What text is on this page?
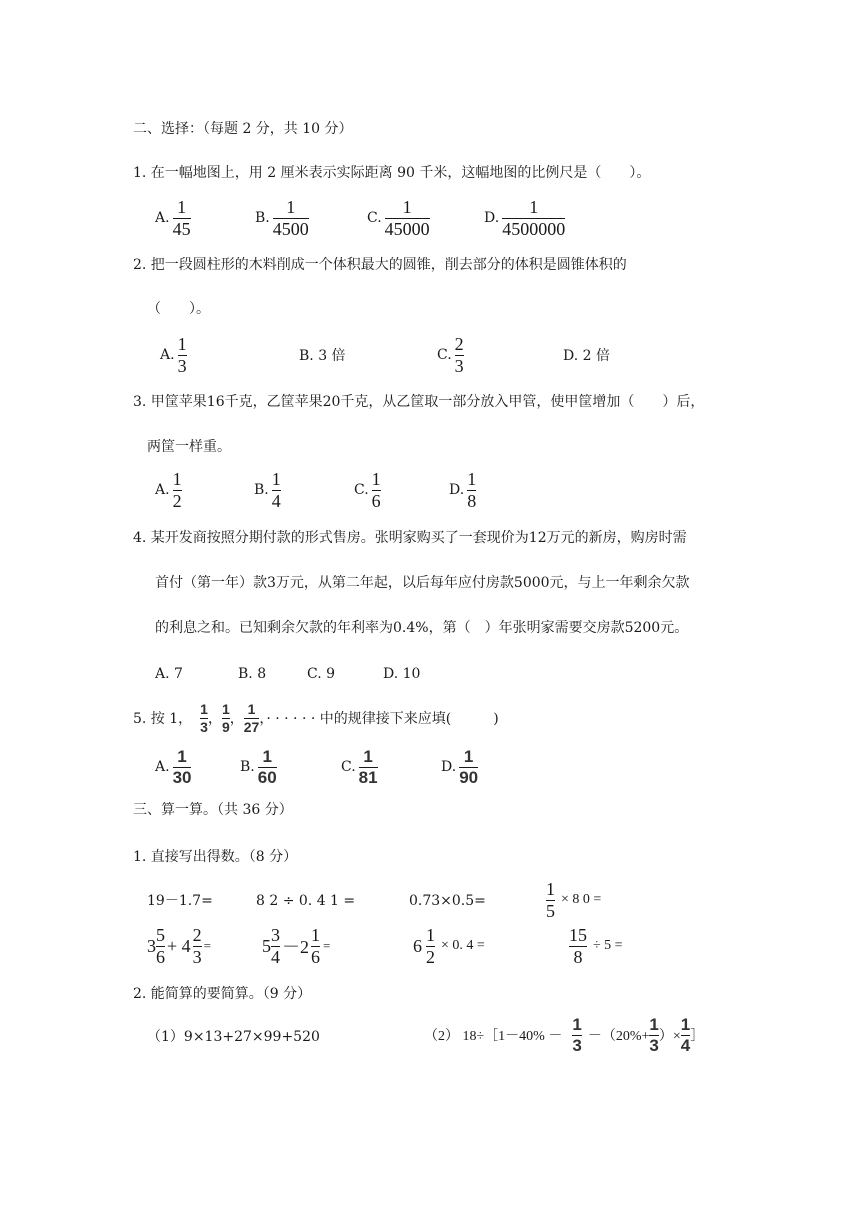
二、选择：（每题 2 分，共 10 分）
1. 在一幅地图上，用 2 厘米表示实际距离 90 千米，这幅地图的比例尺是（　　）。
A. $\frac{1}{45}$	B. $\frac{1}{4500}$	C. $\frac{1}{45000}$	D. $\frac{1}{4500000}$
2. 把一段圆柱形的木料削成一个体积最大的圆锥，削去部分的体积是圆锥体积的
（　　）。
A. $\frac{1}{3}$	B. 3 倍	C. $\frac{2}{3}$	D. 2 倍
3. 甲筐苹果16千克，乙筐苹果20千克，从乙筐取一部分放入甲管，使甲筐增加（　　）后，
两筐一样重。
A. $\frac{1}{2}$	B. $\frac{1}{4}$	C. $\frac{1}{6}$	D. $\frac{1}{8}$
4. 某开发商按照分期付款的形式售房。张明家购买了一套现价为12万元的新房，购房时需
首付（第一年）款3万元，从第二年起，以后每年应付房款5000元，与上一年剩余欠款
的利息之和。已知剩余欠款的年利率为0.4%，第（　）年张明家需要交房款5200元。
A. 7	B. 8	C. 9	D. 10
5. 按 1， $\frac{1}{3}$ ， $\frac{1}{9}$ ， $\frac{1}{27}$ ，· · · · · · 中的规律接下来应填(　　　)
A. $\frac{1}{30}$	B. $\frac{1}{60}$	C. $\frac{1}{81}$	D. $\frac{1}{90}$
三、算一算。（共 36 分）
1. 直接写出得数。（8 分）
19－1.7=	8 2 ÷ 0. 4 1 =	0.73×0.5=	$\frac{1}{5} \times 8$ 0 =
$3 \frac{5}{6} + 4 \frac{2}{3}$ =	$5 \frac{3}{4} -2 \frac{1}{6}$ =	$6 \frac{1}{2} \times 0$. 4 =	$\frac{15}{8} \div 5$ =
2. 能简算的要简算。（9 分）
（1）9×13+27×99+520	（2） 18÷［1－40% － $\frac{1}{3} -(20\%+ \frac{1}{3}$ ）× $\frac{1}{4}$ ］
